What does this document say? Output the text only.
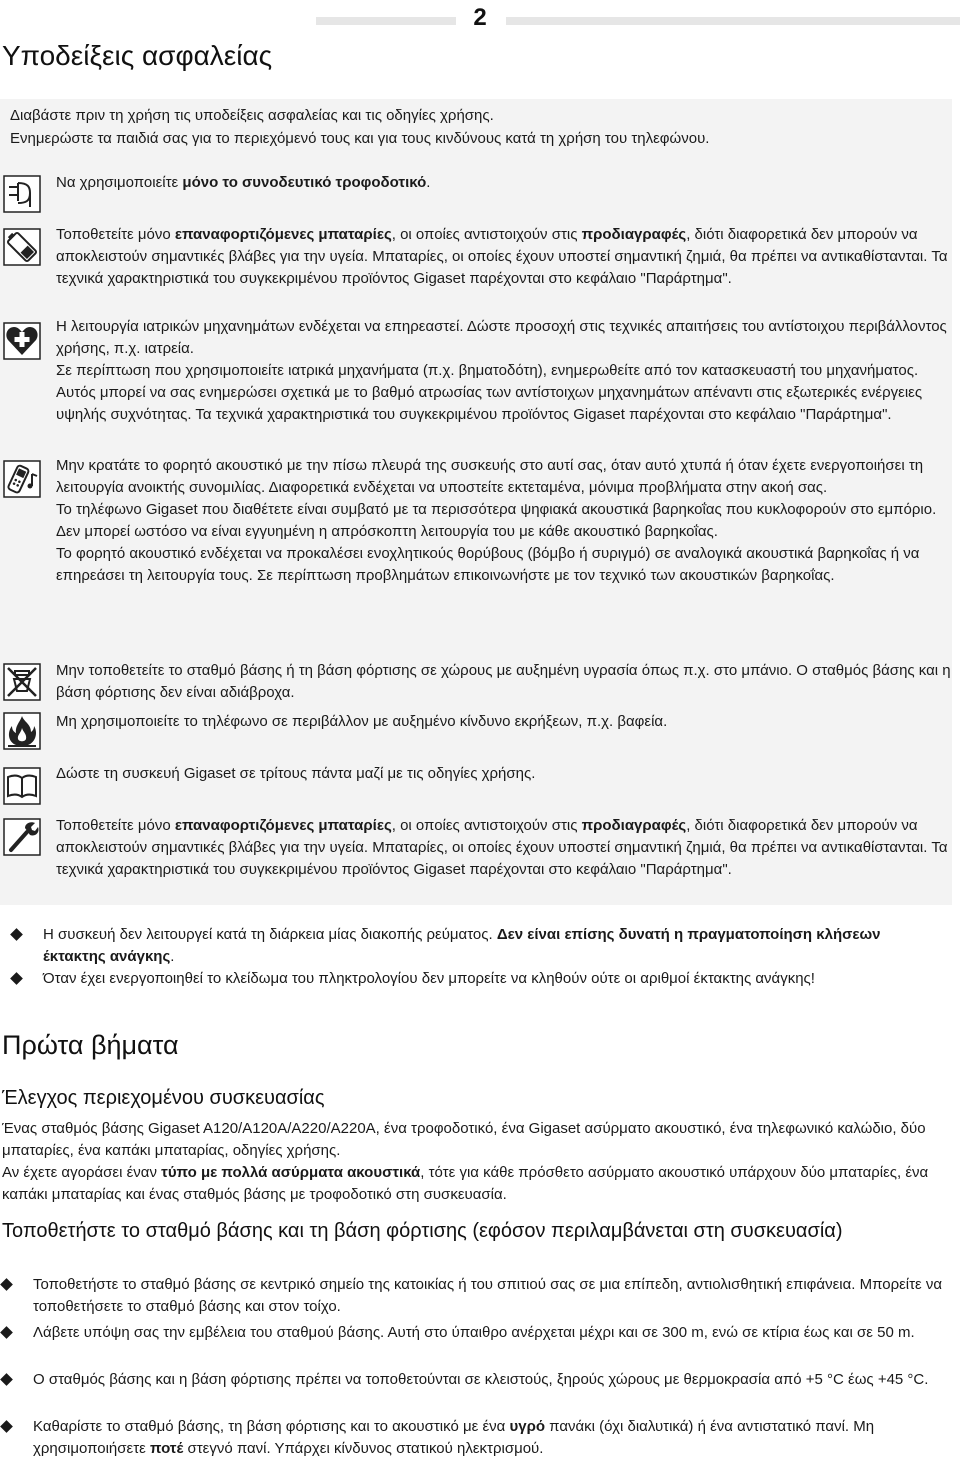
2
Υποδείξεις ασφαλείας
Διαβάστε πριν τη χρήση τις υποδείξεις ασφαλείας και τις οδηγίες χρήσης.
Ενημερώστε τα παιδιά σας για το περιεχόμενό τους και για τους κινδύνους κατά τη χρήση του τηλεφώνου.

Να χρησιμοποιείτε μόνο το συνοδευτικό τροφοδοτικό.

Τοποθετείτε μόνο επαναφορτιζόμενες μπαταρίες, οι οποίες αντιστοιχούν στις προδιαγραφές, διότι διαφορετικά δεν μπορούν να αποκλειστούν σημαντικές βλάβες για την υγεία. Μπαταρίες, οι οποίες έχουν υποστεί σημαντική ζημιά, θα πρέπει να αντικαθίστανται. Τα τεχνικά χαρακτηριστικά του συγκεκριμένου προϊόντος Gigaset παρέχονται στο κεφάλαιο "Παράρτημα".

Η λειτουργία ιατρικών μηχανημάτων ενδέχεται να επηρεαστεί. Δώστε προσοχή στις τεχνικές απαιτήσεις του αντίστοιχου περιβάλλοντος χρήσης, π.χ. ιατρεία.

Σε περίπτωση που χρησιμοποιείτε ιατρικά μηχανήματα (π.χ. βηματοδότη), ενημερωθείτε από τον κατασκευαστή του μηχανήματος. Αυτός μπορεί να σας ενημερώσει σχετικά με το βαθμό ατρωσίας των αντίστοιχων μηχανημάτων απέναντι στις εξωτερικές ενέργειες υψηλής συχνότητας. Τα τεχνικά χαρακτηριστικά του συγκεκριμένου προϊόντος Gigaset παρέχονται στο κεφάλαιο "Παράρτημα".

Μην κρατάτε το φορητό ακουστικό με την πίσω πλευρά της συσκευής στο αυτί σας, όταν αυτό χτυπά ή όταν έχετε ενεργοποιήσει τη λειτουργία ανοικτής συνομιλίας. Διαφορετικά ενδέχεται να υποστείτε εκτεταμένα, μόνιμα προβλήματα στην ακοή σας.

Το τηλέφωνο Gigaset που διαθέτετε είναι συμβατό με τα περισσότερα ψηφιακά ακουστικά βαρηκοΐας που κυκλοφορούν στο εμπόριο. Δεν μπορεί ωστόσο να είναι εγγυημένη η απρόσκοπτη λειτουργία του με κάθε ακουστικό βαρηκοΐας.

Το φορητό ακουστικό ενδέχεται να προκαλέσει ενοχλητικούς θορύβους (βόμβο ή συριγμό) σε αναλογικά ακουστικά βαρηκοΐας ή να επηρεάσει τη λειτουργία τους. Σε περίπτωση προβλημάτων επικοινωνήστε με τον τεχνικό των ακουστικών βαρηκοΐας.

Μην τοποθετείτε το σταθμό βάσης ή τη βάση φόρτισης σε χώρους με αυξημένη υγρασία όπως π.χ. στο μπάνιο. Ο σταθμός βάσης και η βάση φόρτισης δεν είναι αδιάβροχα.

Μη χρησιμοποιείτε το τηλέφωνο σε περιβάλλον με αυξημένο κίνδυνο εκρήξεων, π.χ. βαφεία.

Δώστε τη συσκευή Gigaset σε τρίτους πάντα μαζί με τις οδηγίες χρήσης.

Τοποθετείτε μόνο επαναφορτιζόμενες μπαταρίες, οι οποίες αντιστοιχούν στις προδιαγραφές, διότι διαφορετικά δεν μπορούν να αποκλειστούν σημαντικές βλάβες για την υγεία. Μπαταρίες, οι οποίες έχουν υποστεί σημαντική ζημιά, θα πρέπει να αντικαθίστανται. Τα τεχνικά χαρακτηριστικά του συγκεκριμένου προϊόντος Gigaset παρέχονται στο κεφάλαιο "Παράρτημα".

Η συσκευή δεν λειτουργεί κατά τη διάρκεια μίας διακοπής ρεύματος. Δεν είναι επίσης δυνατή η πραγματοποίηση κλήσεων έκτακτης ανάγκης.
Όταν έχει ενεργοποιηθεί το κλείδωμα του πληκτρολογίου δεν μπορείτε να κληθούν ούτε οι αριθμοί έκτακτης ανάγκης!
Πρώτα βήματα
Έλεγχος περιεχομένου συσκευασίας

Ένας σταθμός βάσης Gigaset A120/A120A/A220/A220A, ένα τροφοδοτικό, ένα Gigaset ασύρματο ακουστικό, ένα τηλεφωνικό καλώδιο, δύο μπαταρίες, ένα καπάκι μπαταρίας, οδηγίες χρήσης.

Αν έχετε αγοράσει έναν τύπο με πολλά ασύρματα ακουστικά, τότε για κάθε πρόσθετο ασύρματο ακουστικό υπάρχουν δύο μπαταρίες, ένα καπάκι μπαταρίας και ένας σταθμός βάσης με τροφοδοτικό στη συσκευασία.

Τοποθετήστε το σταθμό βάσης και τη βάση φόρτισης (εφόσον περιλαμβάνεται στη συσκευασία)
Τοποθετήστε το σταθμό βάσης σε κεντρικό σημείο της κατοικίας ή του σπιτιού σας σε μια επίπεδη, αντιολισθητική επιφάνεια. Μπορείτε να τοποθετήσετε το σταθμό βάσης και στον τοίχο.
Λάβετε υπόψη σας την εμβέλεια του σταθμού βάσης. Αυτή στο ύπαιθρο ανέρχεται μέχρι και σε 300 m, ενώ σε κτίρια έως και σε 50 m.
Ο σταθμός βάσης και η βάση φόρτισης πρέπει να τοποθετούνται σε κλειστούς, ξηρούς χώρους με θερμοκρασία από +5 °C έως +45 °C.
Καθαρίστε το σταθμό βάσης, τη βάση φόρτισης και το ακουστικό με ένα υγρό πανάκι (όχι διαλυτικά) ή ένα αντιστατικό πανί. Μη χρησιμοποιήσετε ποτέ στεγνό πανί. Υπάρχει κίνδυνος στατικού ηλεκτρισμού.
